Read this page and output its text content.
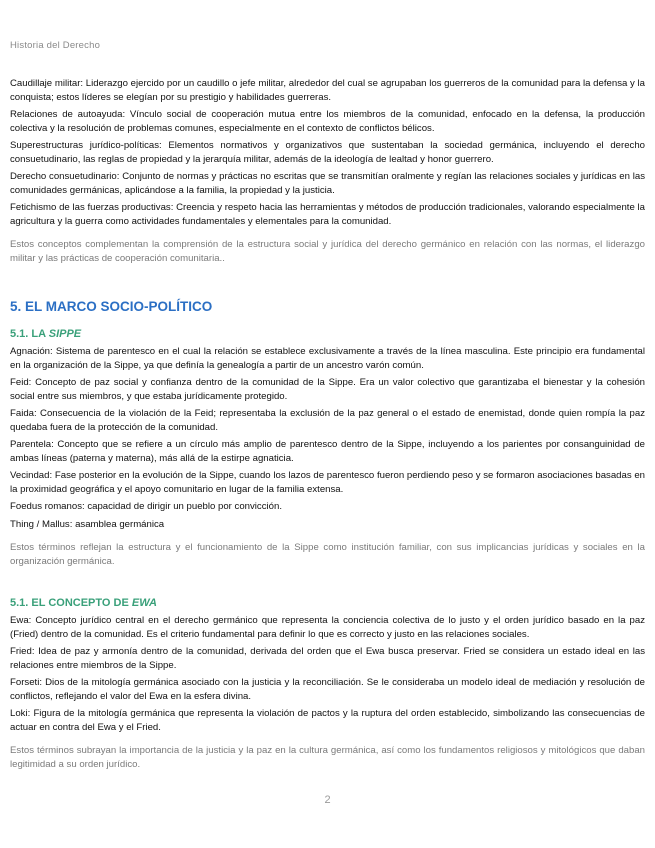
Historia del Derecho

Caudillaje militar: Liderazgo ejercido por un caudillo o jefe militar, alrededor del cual se agrupaban los guerreros de la comunidad para la defensa y la conquista; estos líderes se elegían por su prestigio y habilidades guerreras.

Relaciones de autoayuda: Vínculo social de cooperación mutua entre los miembros de la comunidad, enfocado en la defensa, la producción colectiva y la resolución de problemas comunes, especialmente en el contexto de conflictos bélicos.

Superestructuras jurídico-políticas: Elementos normativos y organizativos que sustentaban la sociedad germánica, incluyendo el derecho consuetudinario, las reglas de propiedad y la jerarquía militar, además de la ideología de lealtad y honor guerrero.

Derecho consuetudinario: Conjunto de normas y prácticas no escritas que se transmitían oralmente y regían las relaciones sociales y jurídicas en las comunidades germánicas, aplicándose a la familia, la propiedad y la justicia.

Fetichismo de las fuerzas productivas: Creencia y respeto hacia las herramientas y métodos de producción tradicionales, valorando especialmente la agricultura y la guerra como actividades fundamentales y elementales para la comunidad.

Estos conceptos complementan la comprensión de la estructura social y jurídica del derecho germánico en relación con las normas, el liderazgo militar y las prácticas de cooperación comunitaria..

5. EL MARCO SOCIO-POLÍTICO
5.1. LA SIPPE

Agnación: Sistema de parentesco en el cual la relación se establece exclusivamente a través de la línea masculina. Este principio era fundamental en la organización de la Sippe, ya que definía la genealogía a partir de un ancestro varón común.

Feid: Concepto de paz social y confianza dentro de la comunidad de la Sippe. Era un valor colectivo que garantizaba el bienestar y la cohesión social entre sus miembros, y que estaba jurídicamente protegido.

Faida: Consecuencia de la violación de la Feid; representaba la exclusión de la paz general o el estado de enemistad, donde quien rompía la paz quedaba fuera de la protección de la comunidad.

Parentela: Concepto que se refiere a un círculo más amplio de parentesco dentro de la Sippe, incluyendo a los parientes por consanguinidad de ambas líneas (paterna y materna), más allá de la estirpe agnaticia.

Vecindad: Fase posterior en la evolución de la Sippe, cuando los lazos de parentesco fueron perdiendo peso y se formaron asociaciones basadas en la proximidad geográfica y el apoyo comunitario en lugar de la familia extensa.

Foedus romanos: capacidad de dirigir un pueblo por convicción.

Thing / Mallus: asamblea germánica

Estos términos reflejan la estructura y el funcionamiento de la Sippe como institución familiar, con sus implicancias jurídicas y sociales en la organización germánica.

5.1. EL CONCEPTO DE EWA

Ewa: Concepto jurídico central en el derecho germánico que representa la conciencia colectiva de lo justo y el orden jurídico basado en la paz (Fried) dentro de la comunidad. Es el criterio fundamental para definir lo que es correcto y justo en las relaciones sociales.

Fried: Idea de paz y armonía dentro de la comunidad, derivada del orden que el Ewa busca preservar. Fried se considera un estado ideal en las relaciones entre miembros de la Sippe.

Forseti: Dios de la mitología germánica asociado con la justicia y la reconciliación. Se le consideraba un modelo ideal de mediación y resolución de conflictos, reflejando el valor del Ewa en la esfera divina.

Loki: Figura de la mitología germánica que representa la violación de pactos y la ruptura del orden establecido, simbolizando las consecuencias de actuar en contra del Ewa y el Fried.

Estos términos subrayan la importancia de la justicia y la paz en la cultura germánica, así como los fundamentos religiosos y mitológicos que daban legitimidad a su orden jurídico.

2
